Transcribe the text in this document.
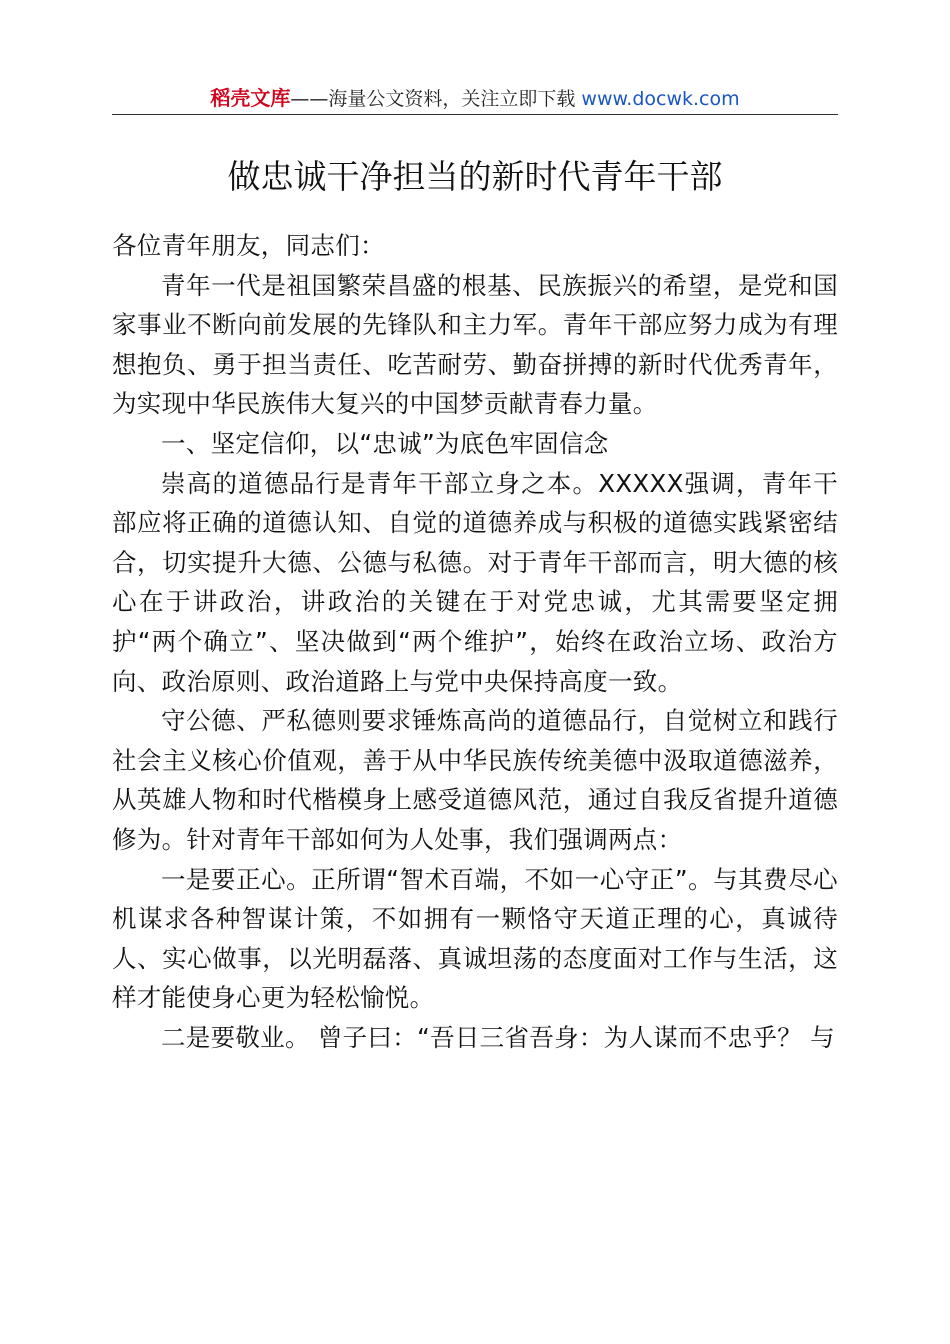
稻壳文库——海量公文资料，关注立即下载 www.docwk.com
做忠诚干净担当的新时代青年干部

各位青年朋友，同志们：

青年一代是祖国繁荣昌盛的根基、民族振兴的希望，是党和国家事业不断向前发展的先锋队和主力军。青年干部应努力成为有理想抱负、勇于担当责任、吃苦耐劳、勤奋拼搏的新时代优秀青年，为实现中华民族伟大复兴的中国梦贡献青春力量。

一、坚定信仰，以“忠诚”为底色牢固信念

崇高的道德品行是青年干部立身之本。XXXXX强调，青年干部应将正确的道德认知、自觉的道德养成与积极的道德实践紧密结合，切实提升大德、公德与私德。对于青年干部而言，明大德的核心在于讲政治，讲政治的关键在于对党忠诚，尤其需要坚定拥护“两个确立”、坚决做到“两个维护”，始终在政治立场、政治方向、政治原则、政治道路上与党中央保持高度一致。

守公德、严私德则要求锤炼高尚的道德品行，自觉树立和践行社会主义核心价值观，善于从中华民族传统美德中汲取道德滋养，从英雄人物和时代楷模身上感受道德风范，通过自我反省提升道德修为。针对青年干部如何为人处事，我们强调两点：

一是要正心。正所谓“智术百端，不如一心守正”。与其费尽心机谋求各种智谋计策，不如拥有一颗恪守天道正理的心，真诚待人、实心做事，以光明磊落、真诚坦荡的态度面对工作与生活，这样才能使身心更为轻松愉悦。

二是要敬业。 曾子曰：“吾日三省吾身：为人谋而不忠乎？ 与
